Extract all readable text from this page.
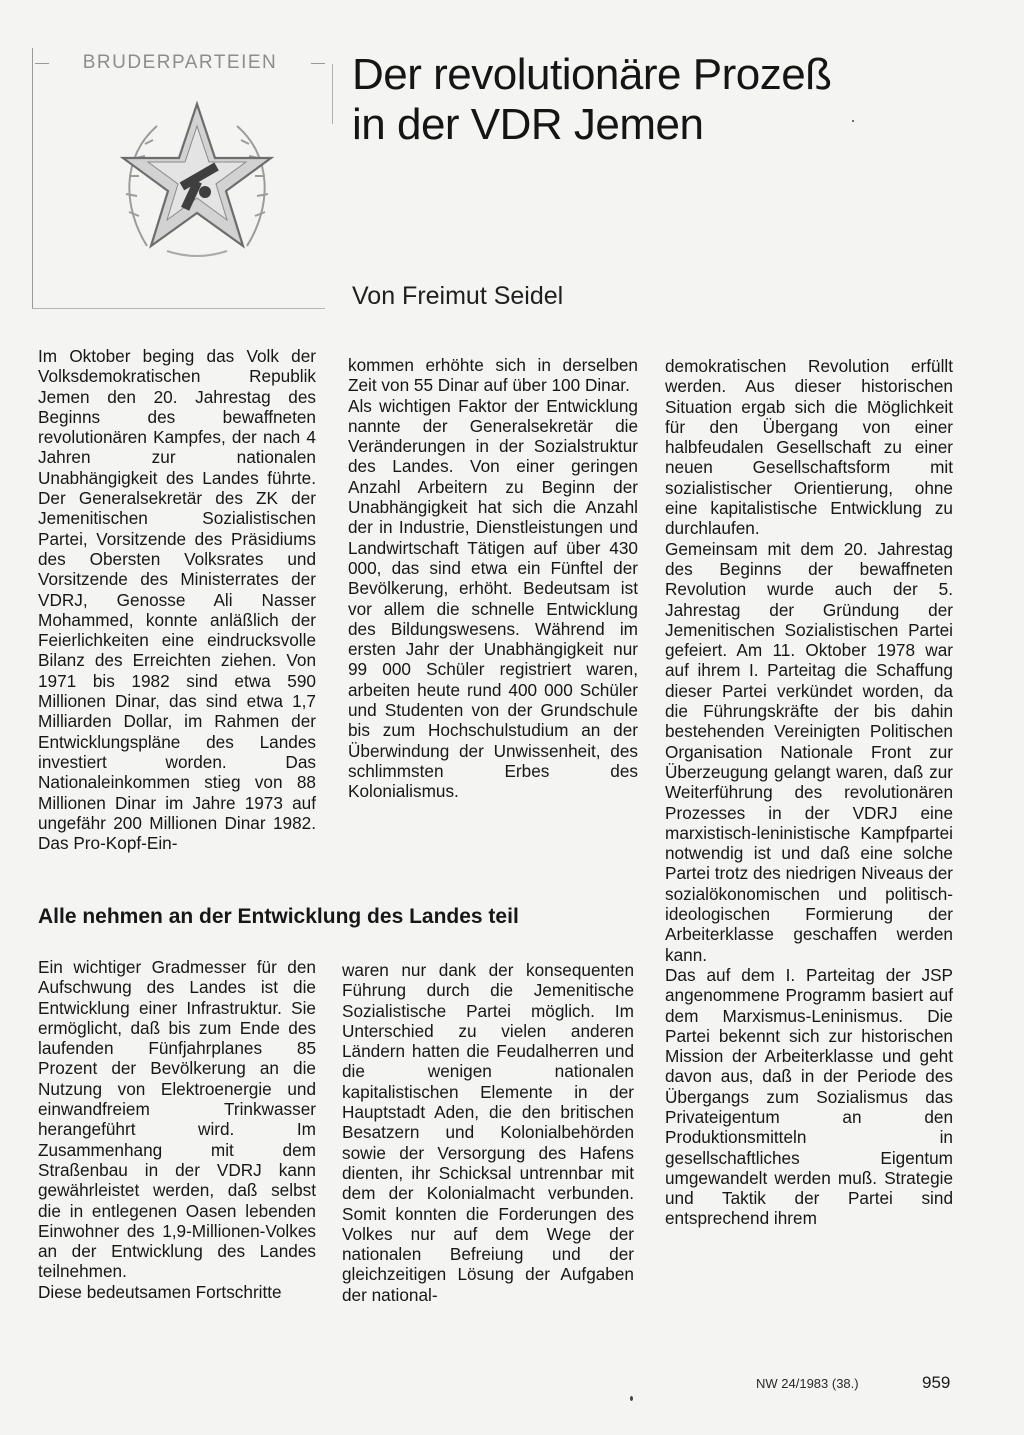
BRUDERPARTEIEN	Der revolutionäre Prozeß
in der VDR Jemen

Von Freimut Seidel

Im Oktober beging das Volk der Volksdemokratischen Republik Jemen den 20. Jahrestag des Beginns des bewaffneten revolutionären Kampfes, der nach 4 Jahren zur nationalen Unabhängigkeit des Landes führte. Der Generalsekretär des ZK der Jemenitischen Sozialistischen Partei, Vorsitzende des Präsidiums des Obersten Volksrates und Vorsitzende des Ministerrates der VDRJ, Genosse Ali Nasser Mohammed, konnte anläßlich der Feierlichkeiten eine eindrucksvolle Bilanz des Erreichten ziehen. Von 1971 bis 1982 sind etwa 590 Millionen Dinar, das sind etwa 1,7 Milliarden Dollar, im Rahmen der Entwicklungspläne des Landes investiert worden. Das Nationaleinkommen stieg von 88 Millionen Dinar im Jahre 1973 auf ungefähr 200 Millionen Dinar 1982. Das Pro-Kopf-Ein-

kommen erhöhte sich in derselben Zeit von 55 Dinar auf über 100 Dinar.

Als wichtigen Faktor der Entwicklung nannte der Generalsekretär die Veränderungen in der Sozialstruktur des Landes. Von einer geringen Anzahl Arbeitern zu Beginn der Unabhängigkeit hat sich die Anzahl der in Industrie, Dienstleistungen und Landwirtschaft Tätigen auf über 430 000, das sind etwa ein Fünftel der Bevölkerung, erhöht. Bedeutsam ist vor allem die schnelle Entwicklung des Bildungswesens. Während im ersten Jahr der Unabhängigkeit nur 99 000 Schüler registriert waren, arbeiten heute rund 400 000 Schüler und Studenten von der Grundschule bis zum Hochschulstudium an der Überwindung der Unwissenheit, des schlimmsten Erbes des Kolonialismus.

demokratischen Revolution erfüllt werden. Aus dieser historischen Situation ergab sich die Möglichkeit für den Übergang von einer halbfeudalen Gesellschaft zu einer neuen Gesellschaftsform mit sozialistischer Orientierung, ohne eine kapitalistische Entwicklung zu durchlaufen.

Gemeinsam mit dem 20. Jahrestag des Beginns der bewaffneten Revolution wurde auch der 5. Jahrestag der Gründung der Jemenitischen Sozialistischen Partei gefeiert. Am 11. Oktober 1978 war auf ihrem I. Parteitag die Schaffung dieser Partei verkündet worden, da die Führungskräfte der bis dahin bestehenden Vereinigten Politischen Organisation Nationale Front zur Überzeugung gelangt waren, daß zur Weiterführung des revolutionären Prozesses in der VDRJ eine marxistisch-leninistische Kampfpartei notwendig ist und daß eine solche Partei trotz des niedrigen Niveaus der sozialökonomischen und politisch-ideologischen Formierung der Arbeiterklasse geschaffen werden kann.

Das auf dem I. Parteitag der JSP angenommene Programm basiert auf dem Marxismus-Leninismus. Die Partei bekennt sich zur historischen Mission der Arbeiterklasse und geht davon aus, daß in der Periode des Übergangs zum Sozialismus das Privateigentum an den Produktionsmitteln in gesellschaftliches Eigentum umgewandelt werden muß. Strategie und Taktik der Partei sind entsprechend ihrem

Alle nehmen an der Entwicklung des Landes teil

Ein wichtiger Gradmesser für den Aufschwung des Landes ist die Entwicklung einer Infrastruktur. Sie ermöglicht, daß bis zum Ende des laufenden Fünfjahrplanes 85 Prozent der Bevölkerung an die Nutzung von Elektroenergie und einwandfreiem Trinkwasser herangeführt wird. Im Zusammenhang mit dem Straßenbau in der VDRJ kann gewährleistet werden, daß selbst die in entlegenen Oasen lebenden Einwohner des 1,9-Millionen-Volkes an der Entwicklung des Landes teilnehmen.

Diese bedeutsamen Fortschritte

waren nur dank der konsequenten Führung durch die Jemenitische Sozialistische Partei möglich. Im Unterschied zu vielen anderen Ländern hatten die Feudalherren und die wenigen nationalen kapitalistischen Elemente in der Hauptstadt Aden, die den britischen Besatzern und Kolonialbehörden sowie der Versorgung des Hafens dienten, ihr Schicksal untrennbar mit dem der Kolonialmacht verbunden. Somit konnten die Forderungen des Volkes nur auf dem Wege der nationalen Befreiung und der gleichzeitigen Lösung der Aufgaben der national-

NW 24/1983 (38.)	959
